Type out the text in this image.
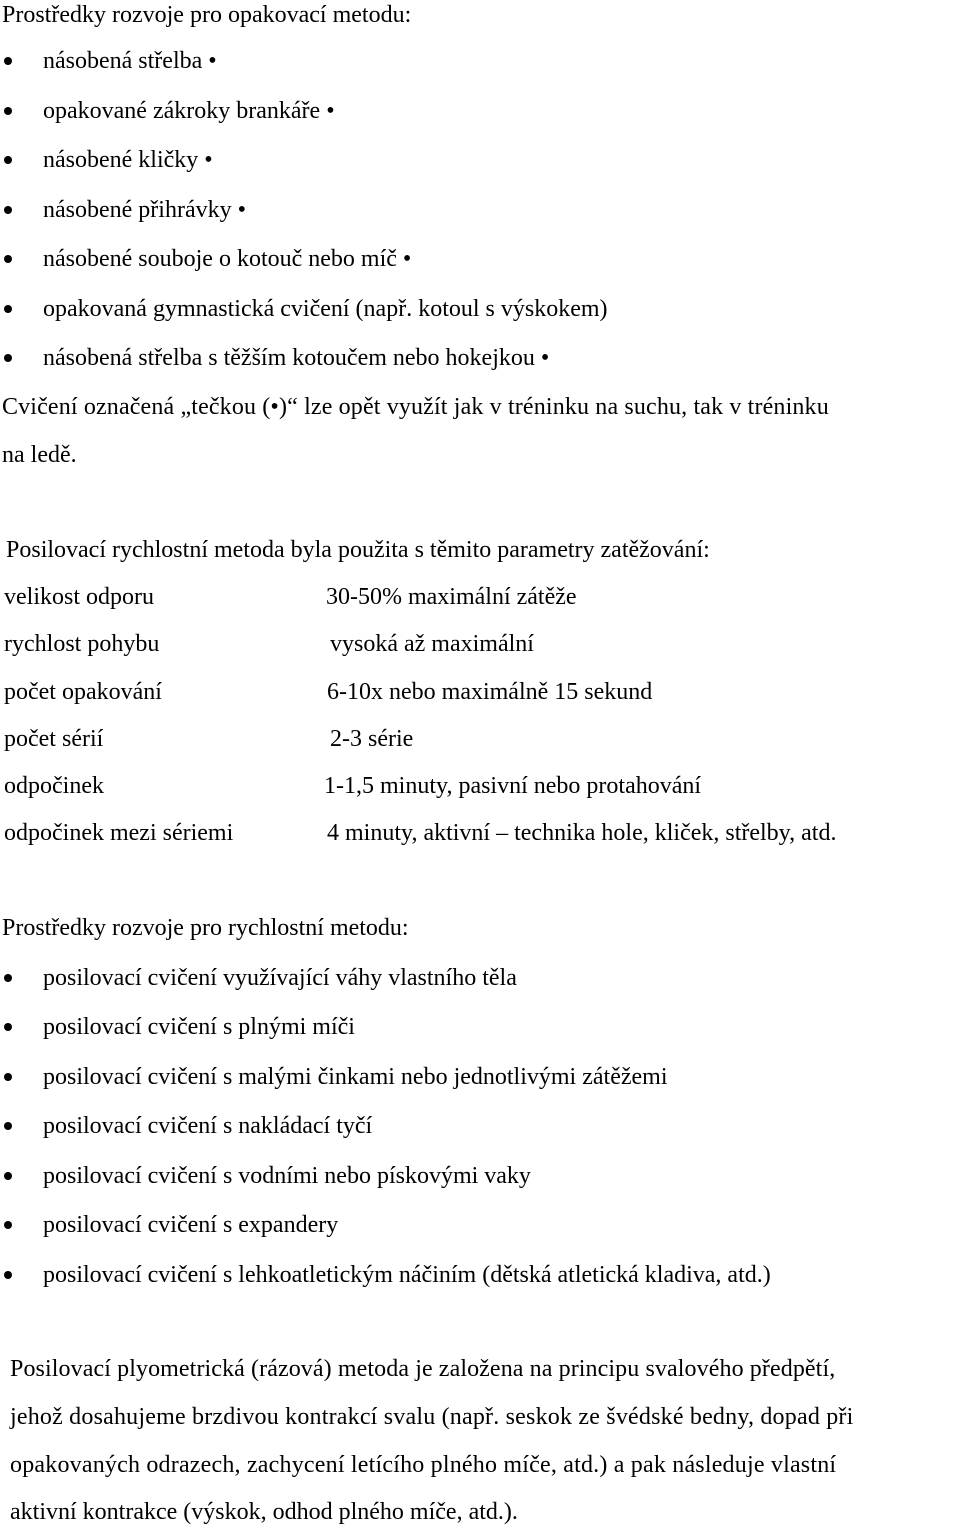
Prostředky rozvoje pro opakovací metodu:
násobená střelba •
opakované zákroky brankáře •
násobené kličky •
násobené přihrávky •
násobené souboje o kotouč nebo míč •
opakovaná gymnastická cvičení (např. kotoul s výskokem)
násobená střelba s těžším kotoučem nebo hokejkou •
Cvičení označená „tečkou (•)“ lze opět využít jak v tréninku na suchu, tak v tréninku
na ledě.
Posilovací rychlostní metoda byla použita s těmito parametry zatěžování:
velikost odporu	30-50% maximální zátěže
rychlost pohybu	vysoká až maximální
počet opakování	6-10x nebo maximálně 15 sekund
počet sérií	2-3 série
odpočinek	1-1,5 minuty, pasivní nebo protahování
odpočinek mezi sériemi	4 minuty, aktivní – technika hole, kliček, střelby, atd.
Prostředky rozvoje pro rychlostní metodu:
posilovací cvičení využívající váhy vlastního těla
posilovací cvičení s plnými míči
posilovací cvičení s malými činkami nebo jednotlivými zátěžemi
posilovací cvičení s nakládací tyčí
posilovací cvičení s vodními nebo pískovými vaky
posilovací cvičení s expandery
posilovací cvičení s lehkoatletickým náčiním (dětská atletická kladiva, atd.)
Posilovací plyometrická (rázová) metoda je založena na principu svalového předpětí,
jehož dosahujeme brzdivou kontrakcí svalu (např. seskok ze švédské bedny, dopad při
opakovaných odrazech, zachycení letícího plného míče, atd.) a pak následuje vlastní
aktivní kontrakce (výskok, odhod plného míče, atd.).
